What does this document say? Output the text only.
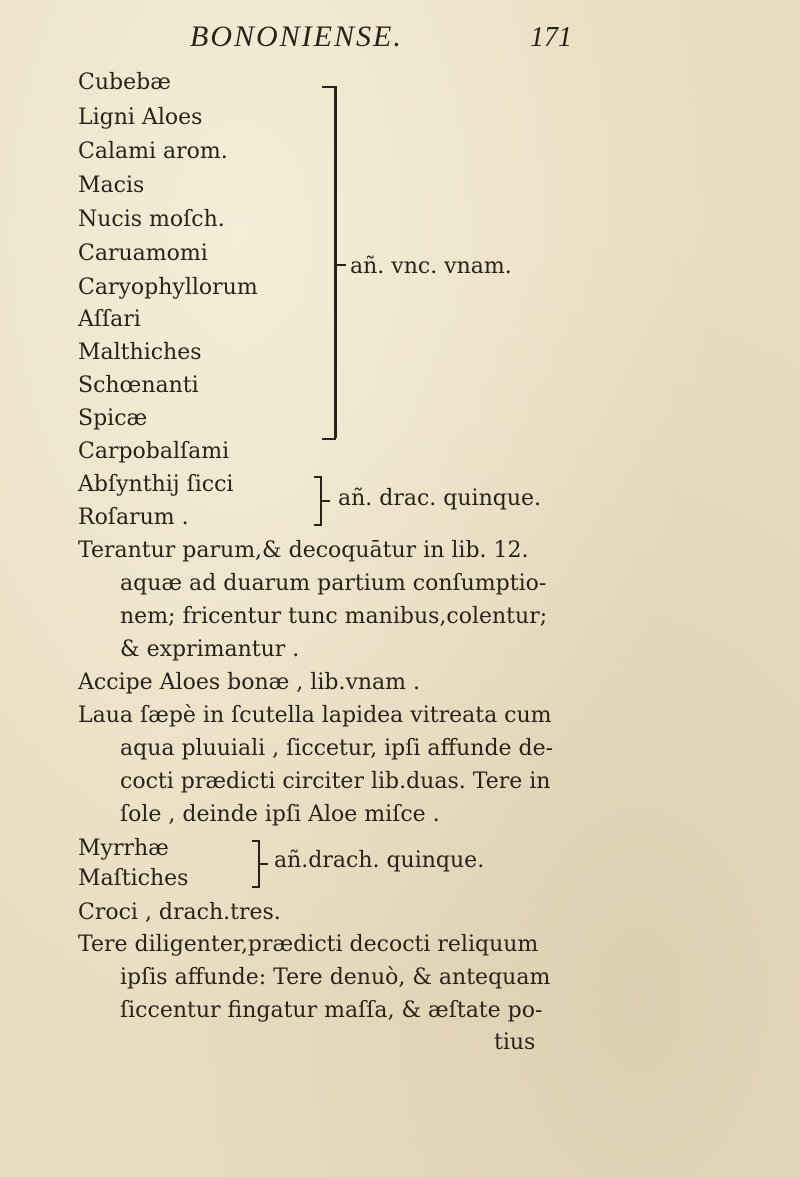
BONONIENSE.	171
Cubebæ
Ligni Aloes
Calami arom.
Macis
Nucis moſch.
Caruamomi
Caryophyllorum
Aſſari
Malthiches
Schœnanti
Spicæ
Carpobalſami
añ. vnc. vnam.
Abſynthij ſicci
Roſarum .
añ. drac. quinque.
Terantur parum,& decoquātur in lib. 12.
aquæ ad duarum partium conſumptio-
nem; fricentur tunc manibus,colentur;
& exprimantur .
Accipe Aloes bonæ , lib.vnam .
Laua ſæpè in ſcutella lapidea vitreata cum
aqua pluuiali , ſiccetur, ipſi affunde de-
cocti prædicti circiter lib.duas. Tere in
ſole , deinde ipſi Aloe miſce .
Myrrhæ
Maſtiches
añ.drach. quinque.
Croci , drach.tres.
Tere diligenter,prædicti decocti reliquum
ipſis affunde: Tere denuò, & antequam
ſiccentur fingatur maſſa, & æſtate po-
tius
